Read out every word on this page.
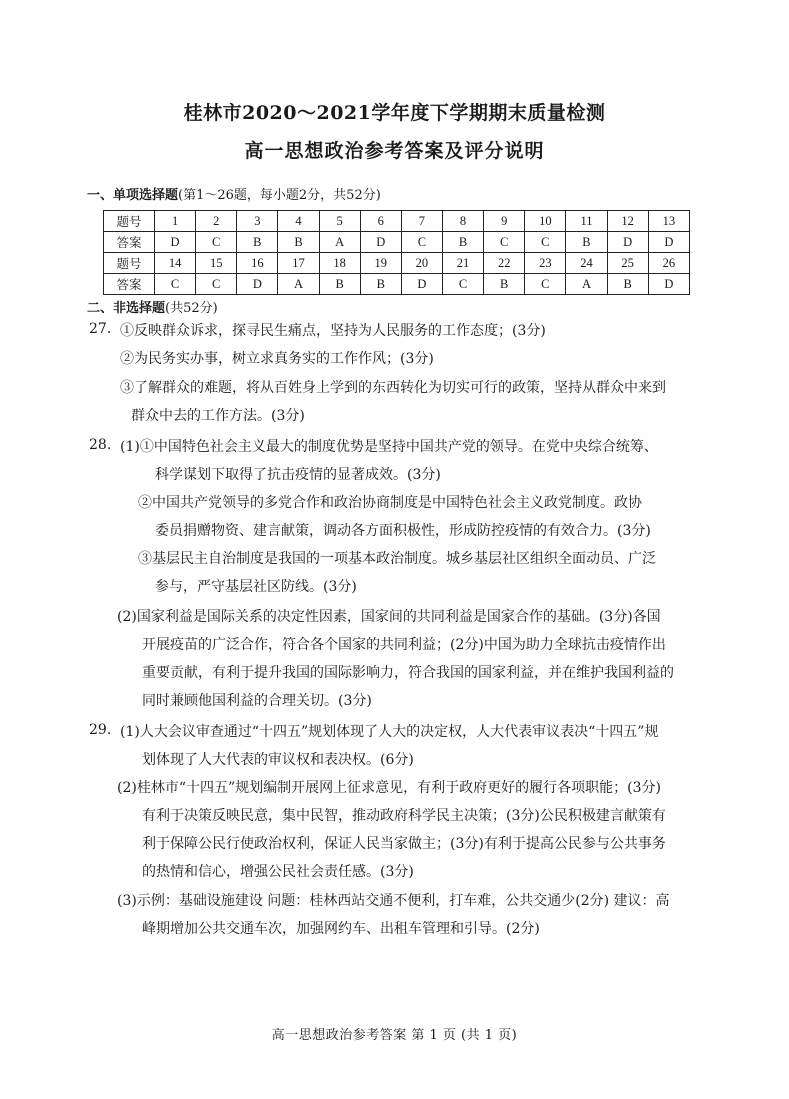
桂林市2020～2021学年度下学期期末质量检测
高一思想政治参考答案及评分说明
一、单项选择题(第1～26题，每小题2分，共52分)
题号	1	2	3	4	5	6	7	8	9	10	11	12	13
答案	D	C	B	B	A	D	C	B	C	C	B	D	D
题号	14	15	16	17	18	19	20	21	22	23	24	25	26
答案	C	C	D	A	B	B	D	C	B	C	A	B	D
二、非选择题(共52分)
27. ①反映群众诉求，探寻民生痛点，坚持为人民服务的工作态度；(3分)
②为民务实办事，树立求真务实的工作作风；(3分)
③了解群众的难题，将从百姓身上学到的东西转化为切实可行的政策，坚持从群众中来到
群众中去的工作方法。(3分)
28. (1)①中国特色社会主义最大的制度优势是坚持中国共产党的领导。在党中央综合统筹、
科学谋划下取得了抗击疫情的显著成效。(3分)
②中国共产党领导的多党合作和政治协商制度是中国特色社会主义政党制度。政协
委员捐赠物资、建言献策，调动各方面积极性，形成防控疫情的有效合力。(3分)
③基层民主自治制度是我国的一项基本政治制度。城乡基层社区组织全面动员、广泛
参与，严守基层社区防线。(3分)
(2)国家利益是国际关系的决定性因素，国家间的共同利益是国家合作的基础。(3分)各国
开展疫苗的广泛合作，符合各个国家的共同利益；(2分)中国为助力全球抗击疫情作出
重要贡献，有利于提升我国的国际影响力，符合我国的国家利益，并在维护我国利益的
同时兼顾他国利益的合理关切。(3分)
29. (1)人大会议审查通过“十四五”规划体现了人大的决定权，人大代表审议表决“十四五”规
划体现了人大代表的审议权和表决权。(6分)
(2)桂林市“十四五”规划编制开展网上征求意见，有利于政府更好的履行各项职能；(3分)
有利于决策反映民意，集中民智，推动政府科学民主决策；(3分)公民积极建言献策有
利于保障公民行使政治权利，保证人民当家做主；(3分)有利于提高公民参与公共事务
的热情和信心，增强公民社会责任感。(3分)
(3)示例：基础设施建设 问题：桂林西站交通不便利，打车难，公共交通少(2分) 建议：高
峰期增加公共交通车次，加强网约车、出租车管理和引导。(2分)
高一思想政治参考答案 第 1 页 (共 1 页)
